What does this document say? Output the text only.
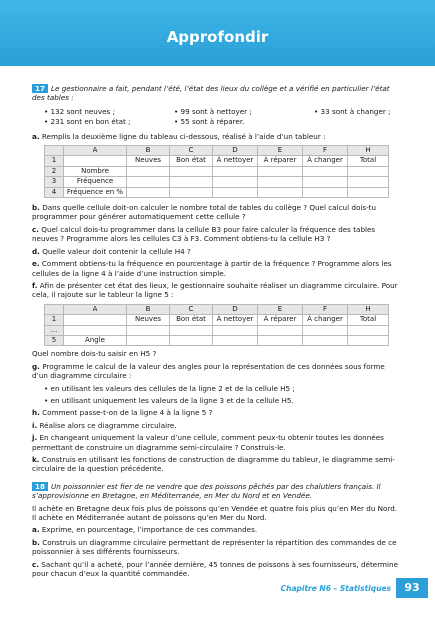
Approfondir

17 Le gestionnaire a fait, pendant l’été, l’état des lieux du collège et a vérifié en particulier l’état des tables :

• 132 sont neuves ;	• 99 sont à nettoyer ;	• 33 sont à changer ;
• 231 sont en bon état ;	• 55 sont à réparer.

a. Remplis la deuxième ligne du tableau ci-dessous, réalisé à l’aide d’un tableur :

	A	B	C	D	E	F	H
1		Neuves	Bon état	À nettoyer	À réparer	À changer	Total
2	Nombre						
3	Fréquence						
4	Fréquence en %						

b. Dans quelle cellule doit-on calculer le nombre total de tables du collège ? Quel calcul dois-tu programmer pour générer automatiquement cette cellule ?

c. Quel calcul dois-tu programmer dans la cellule B3 pour faire calculer la fréquence des tables neuves ? Programme alors les cellules C3 à F3. Comment obtiens-tu la cellule H3 ?

d. Quelle valeur doit contenir la cellule H4 ?

e. Comment obtiens-tu la fréquence en pourcentage à partir de la fréquence ? Programme alors les cellules de la ligne 4 à l’aide d’une instruction simple.

f. Afin de présenter cet état des lieux, le gestionnaire souhaite réaliser un diagramme circulaire. Pour cela, il rajoute sur le tableur la ligne 5 :

	A	B	C	D	E	F	H
1		Neuves	Bon état	À nettoyer	À réparer	À changer	Total
...							
5	Angle						

Quel nombre dois-tu saisir en H5 ?

g. Programme le calcul de la valeur des angles pour la représentation de ces données sous forme d’un diagramme circulaire :

• en utilisant les valeurs des cellules de la ligne 2 et de la cellule H5 ;

• en utilisant uniquement les valeurs de la ligne 3 et de la cellule H5.

h. Comment passe-t-on de la ligne 4 à la ligne 5 ?

i. Réalise alors ce diagramme circulaire.

j. En changeant uniquement la valeur d’une cellule, comment peux-tu obtenir toutes les données permettant de construire un diagramme semi-circulaire ? Construis-le.

k. Construis en utilisant les fonctions de construction de diagramme du tableur, le diagramme semi-circulaire de la question précédente.

18 Un poissonnier est fier de ne vendre que des poissons pêchés par des chalutiers français. Il s’approvisionne en Bretagne, en Méditerranée, en Mer du Nord et en Vendée.

Il achète en Bretagne deux fois plus de poissons qu’en Vendée et quatre fois plus qu’en Mer du Nord.

Il achète en Méditerranée autant de poissons qu’en Mer du Nord.

a. Exprime, en pourcentage, l’importance de ces commandes.

b. Construis un diagramme circulaire permettant de représenter la répartition des commandes de ce poissonnier à ses différents fournisseurs.

c. Sachant qu’il a acheté, pour l’année dernière, 45 tonnes de poissons à ses fournisseurs, détermine pour chacun d’eux la quantité commandée.

Chapitre N6 – Statistiques	93
